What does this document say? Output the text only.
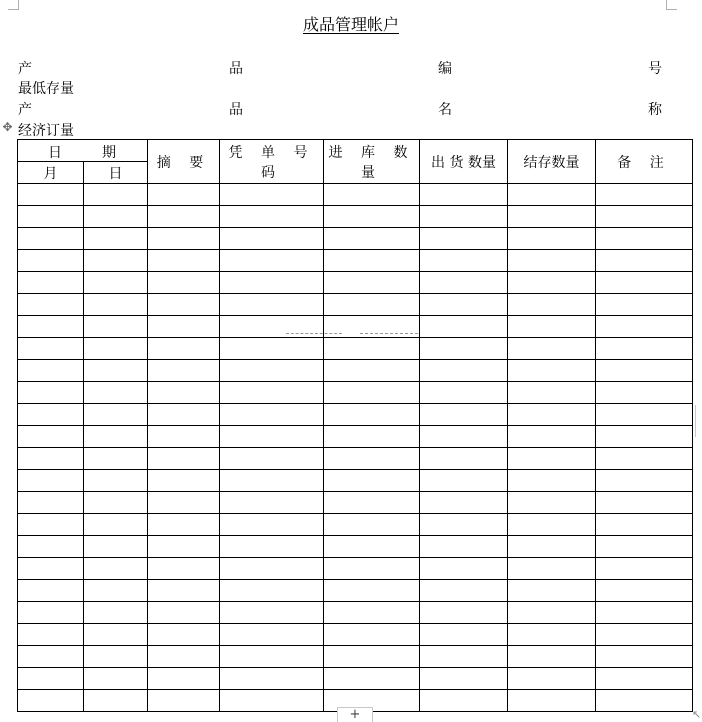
成品管理帐户
产	品	编	号
最低存量
产	品	名	称
✥ 经济订量
日 期		摘 要	凭 单 号 码	进 库 数 量	出 货 数量	结存数量	备 注
月	日						

+	↖
